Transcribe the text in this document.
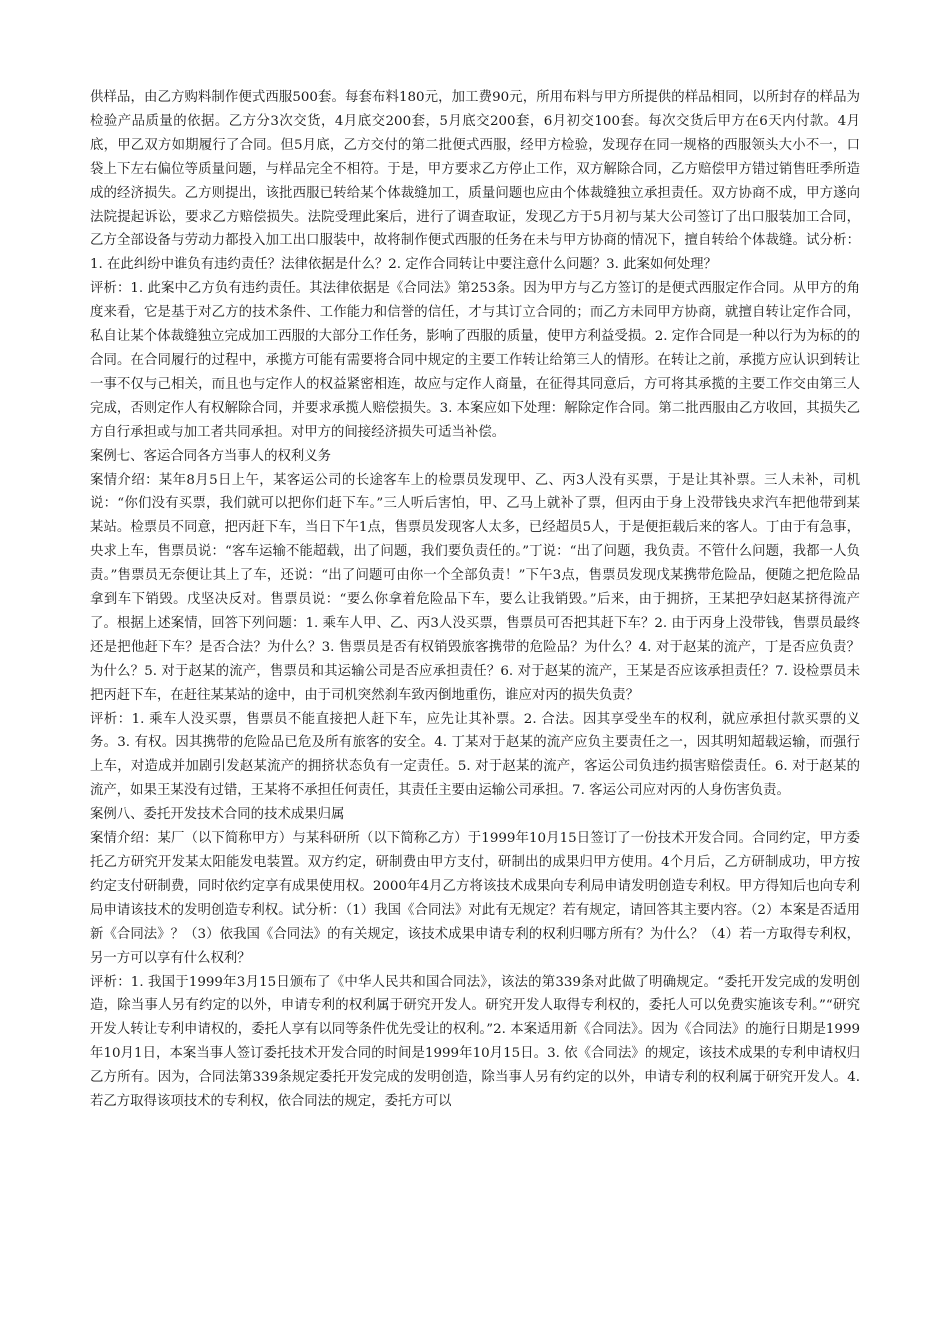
供样品，由乙方购料制作便式西服500套。每套布料180元，加工费90元，所用布料与甲方所提供的样品相同，以所封存的样品为检验产品质量的依据。乙方分3次交货，4月底交200套，5月底交200套，6月初交100套。每次交货后甲方在6天内付款。4月底，甲乙双方如期履行了合同。但5月底，乙方交付的第二批便式西服，经甲方检验，发现存在同一规格的西服领头大小不一，口袋上下左右偏位等质量问题，与样品完全不相符。于是，甲方要求乙方停止工作，双方解除合同，乙方赔偿甲方错过销售旺季所造成的经济损失。乙方则提出，该批西服已转给某个体裁缝加工，质量问题也应由个体裁缝独立承担责任。双方协商不成，甲方遂向法院提起诉讼，要求乙方赔偿损失。法院受理此案后，进行了调查取证，发现乙方于5月初与某大公司签订了出口服装加工合同，乙方全部设备与劳动力都投入加工出口服装中，故将制作便式西服的任务在未与甲方协商的情况下，擅自转给个体裁缝。试分析：1. 在此纠纷中谁负有违约责任？法律依据是什么？2. 定作合同转让中要注意什么问题？3. 此案如何处理？

评析：1. 此案中乙方负有违约责任。其法律依据是《合同法》第253条。因为甲方与乙方签订的是便式西服定作合同。从甲方的角度来看，它是基于对乙方的技术条件、工作能力和信誉的信任，才与其订立合同的；而乙方未同甲方协商，就擅自转让定作合同，私自让某个体裁缝独立完成加工西服的大部分工作任务，影响了西服的质量，使甲方利益受损。2. 定作合同是一种以行为为标的的合同。在合同履行的过程中，承揽方可能有需要将合同中规定的主要工作转让给第三人的情形。在转让之前，承揽方应认识到转让一事不仅与己相关，而且也与定作人的权益紧密相连，故应与定作人商量，在征得其同意后，方可将其承揽的主要工作交由第三人完成，否则定作人有权解除合同，并要求承揽人赔偿损失。3. 本案应如下处理：解除定作合同。第二批西服由乙方收回，其损失乙方自行承担或与加工者共同承担。对甲方的间接经济损失可适当补偿。

案例七、客运合同各方当事人的权利义务

案情介绍：某年8月5日上午，某客运公司的长途客车上的检票员发现甲、乙、丙3人没有买票，于是让其补票。三人未补，司机说：“你们没有买票，我们就可以把你们赶下车。”三人听后害怕，甲、乙马上就补了票，但丙由于身上没带钱央求汽车把他带到某某站。检票员不同意，把丙赶下车，当日下午1点，售票员发现客人太多，已经超员5人，于是便拒载后来的客人。丁由于有急事，央求上车，售票员说：“客车运输不能超载，出了问题，我们要负责任的。”丁说：“出了问题，我负责。不管什么问题，我都一人负责。”售票员无奈便让其上了车，还说：“出了问题可由你一个全部负责！”下午3点，售票员发现戊某携带危险品，便随之把危险品拿到车下销毁。戊坚决反对。售票员说：“要么你拿着危险品下车，要么让我销毁。”后来，由于拥挤，王某把孕妇赵某挤得流产了。根据上述案情，回答下列问题：1. 乘车人甲、乙、丙3人没买票，售票员可否把其赶下车？2. 由于丙身上没带钱，售票员最终还是把他赶下车？是否合法？为什么？3. 售票员是否有权销毁旅客携带的危险品？为什么？4. 对于赵某的流产，丁是否应负责？为什么？5. 对于赵某的流产，售票员和其运输公司是否应承担责任？6. 对于赵某的流产，王某是否应该承担责任？7. 设检票员未把丙赶下车，在赶往某某站的途中，由于司机突然刹车致丙倒地重伤，谁应对丙的损失负责？

评析：1. 乘车人没买票，售票员不能直接把人赶下车，应先让其补票。2. 合法。因其享受坐车的权利，就应承担付款买票的义务。3. 有权。因其携带的危险品已危及所有旅客的安全。4. 丁某对于赵某的流产应负主要责任之一，因其明知超载运输，而强行上车，对造成并加剧引发赵某流产的拥挤状态负有一定责任。5. 对于赵某的流产，客运公司负违约损害赔偿责任。6. 对于赵某的流产，如果王某没有过错，王某将不承担任何责任，其责任主要由运输公司承担。7. 客运公司应对丙的人身伤害负责。

案例八、委托开发技术合同的技术成果归属

案情介绍：某厂（以下简称甲方）与某科研所（以下简称乙方）于1999年10月15日签订了一份技术开发合同。合同约定，甲方委托乙方研究开发某太阳能发电装置。双方约定，研制费由甲方支付，研制出的成果归甲方使用。4个月后，乙方研制成功，甲方按约定支付研制费，同时依约定享有成果使用权。2000年4月乙方将该技术成果向专利局申请发明创造专利权。甲方得知后也向专利局申请该技术的发明创造专利权。试分析：（1）我国《合同法》对此有无规定？若有规定，请回答其主要内容。（2）本案是否适用新《合同法》？（3）依我国《合同法》的有关规定，该技术成果申请专利的权利归哪方所有？为什么？（4）若一方取得专利权，另一方可以享有什么权利？

评析：1. 我国于1999年3月15日颁布了《中华人民共和国合同法》，该法的第339条对此做了明确规定。“委托开发完成的发明创造，除当事人另有约定的以外，申请专利的权利属于研究开发人。研究开发人取得专利权的，委托人可以免费实施该专利。”“研究开发人转让专利申请权的，委托人享有以同等条件优先受让的权利。”2. 本案适用新《合同法》。因为《合同法》的施行日期是1999年10月1日，本案当事人签订委托技术开发合同的时间是1999年10月15日。3. 依《合同法》的规定，该技术成果的专利申请权归乙方所有。因为，合同法第339条规定委托开发完成的发明创造，除当事人另有约定的以外，申请专利的权利属于研究开发人。4. 若乙方取得该项技术的专利权，依合同法的规定，委托方可以
